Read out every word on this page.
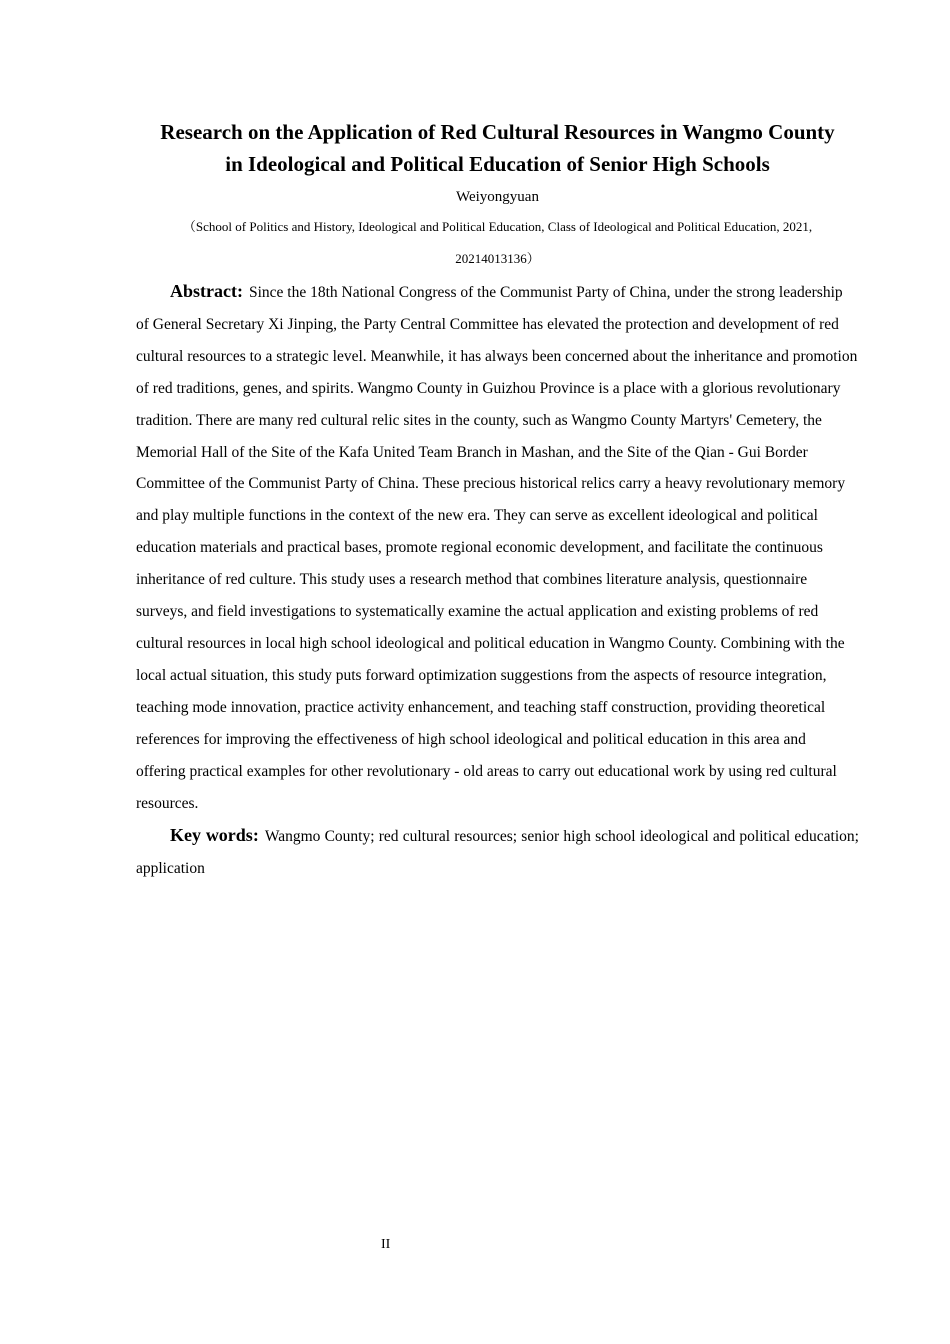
Research on the Application of Red Cultural Resources in Wangmo County
in Ideological and Political Education of Senior High Schools
Weiyongyuan
（School of Politics and History, Ideological and Political Education, Class of Ideological and Political Education, 2021,
20214013136）

Abstract: Since the 18th National Congress of the Communist Party of China, under the strong leadership of General Secretary Xi Jinping, the Party Central Committee has elevated the protection and development of red cultural resources to a strategic level. Meanwhile, it has always been concerned about the inheritance and promotion of red traditions, genes, and spirits. Wangmo County in Guizhou Province is a place with a glorious revolutionary tradition. There are many red cultural relic sites in the county, such as Wangmo County Martyrs' Cemetery, the Memorial Hall of the Site of the Kafa United Team Branch in Mashan, and the Site of the Qian - Gui Border Committee of the Communist Party of China. These precious historical relics carry a heavy revolutionary memory and play multiple functions in the context of the new era. They can serve as excellent ideological and political education materials and practical bases, promote regional economic development, and facilitate the continuous inheritance of red culture. This study uses a research method that combines literature analysis, questionnaire surveys, and field investigations to systematically examine the actual application and existing problems of red cultural resources in local high school ideological and political education in Wangmo County. Combining with the local actual situation, this study puts forward optimization suggestions from the aspects of resource integration, teaching mode innovation, practice activity enhancement, and teaching staff construction, providing theoretical references for improving the effectiveness of high school ideological and political education in this area and offering practical examples for other revolutionary - old areas to carry out educational work by using red cultural resources.

Key words: Wangmo County; red cultural resources; senior high school ideological and political education; application

II
